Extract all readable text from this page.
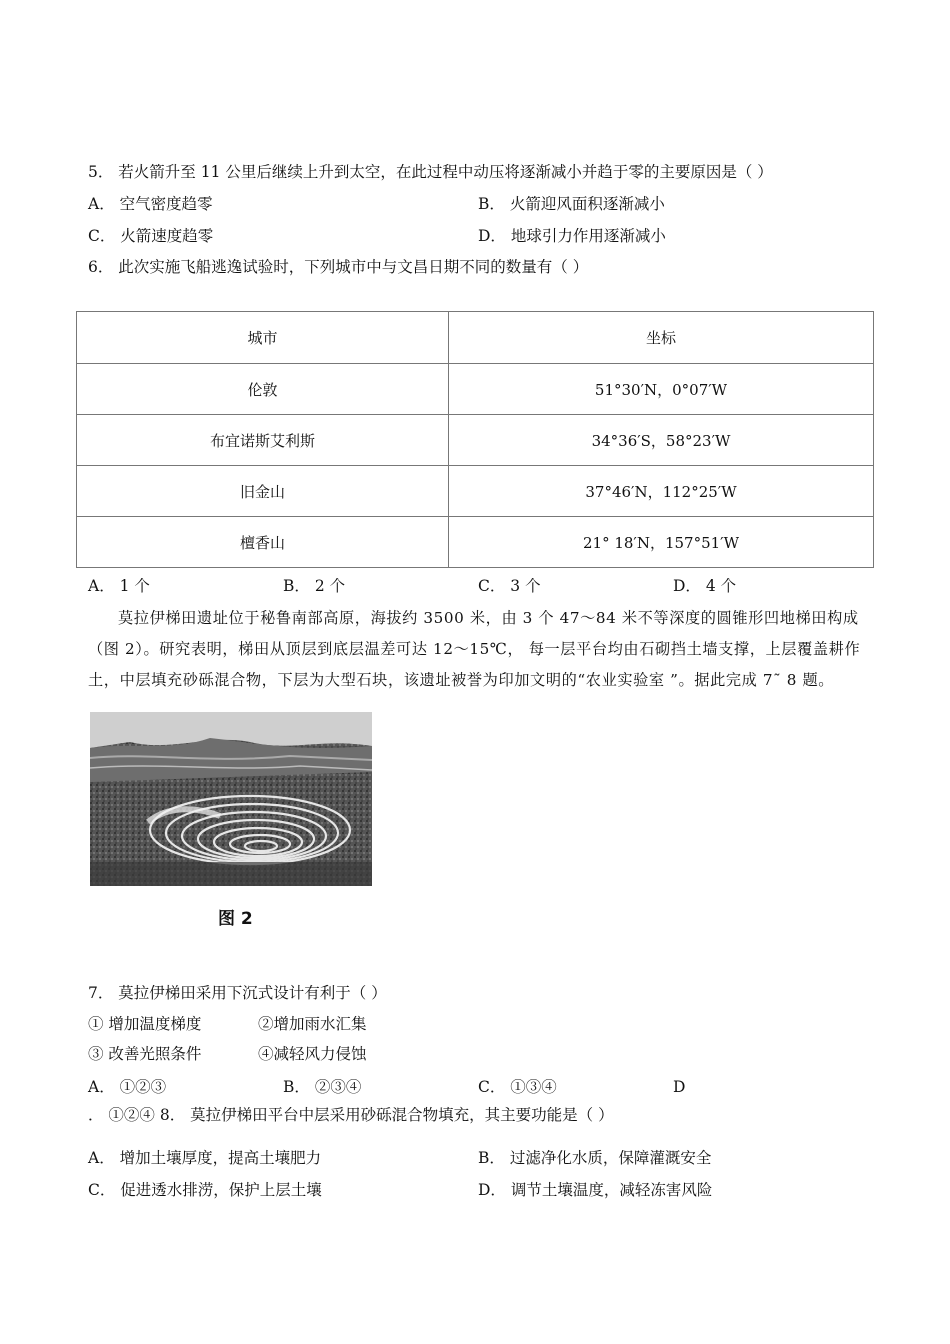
5． 若火箭升至 11 公里后继续上升到太空，在此过程中动压将逐渐减小并趋于零的主要原因是（ ）
A． 空气密度趋零	B． 火箭迎风面积逐渐减小
C． 火箭速度趋零	D． 地球引力作用逐渐减小
6． 此次实施飞船逃逸试验时，下列城市中与文昌日期不同的数量有（ ）
城市	坐标
伦敦	51°30′N，0°07′W
布宜诺斯艾利斯	34°36′S，58°23′W
旧金山	37°46′N，112°25′W
檀香山	21° 18′N，157°51′W
A． 1 个	B． 2 个	C． 3 个	D． 4 个
莫拉伊梯田遗址位于秘鲁南部高原，海拔约 3500 米，由 3 个 47～84 米不等深度的圆锥形凹地梯田构成（图 2）。研究表明，梯田从顶层到底层温差可达 12～15℃， 每一层平台均由石砌挡土墙支撑，上层覆盖耕作土，中层填充砂砾混合物，下层为大型石块，该遗址被誉为印加文明的“农业实验室 ”。据此完成 7˜ 8 题。
图 2
7． 莫拉伊梯田采用下沉式设计有利于（ ）
① 增加温度梯度	②增加雨水汇集
③ 改善光照条件	④减轻风力侵蚀
A． ①②③	B． ②③④	C． ①③④	D
． ①②④ 8． 莫拉伊梯田平台中层采用砂砾混合物填充，其主要功能是（ ）
A． 增加土壤厚度，提高土壤肥力	B． 过滤净化水质，保障灌溉安全
C． 促进透水排涝，保护上层土壤	D． 调节土壤温度，减轻冻害风险
